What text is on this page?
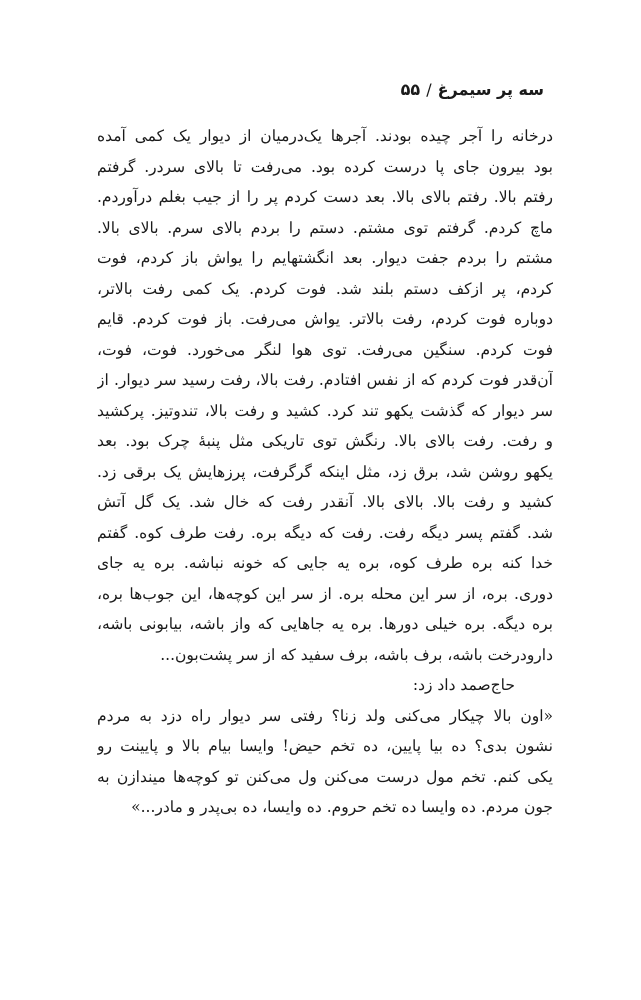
سه پر سیمرغ/۵۵
درخانه را آجر چیده بودند. آجرها یک‌درمیان از دیوار یک کمی آمده
بود بیرون جای پا درست کرده بود. می‌رفت تا بالای سردر. گرفتم
رفتم بالا. رفتم بالای بالا. بعد دست کردم پر را از جیب بغلم درآوردم.
ماچ کردم. گرفتم توی مشتم. دستم را بردم بالای سرم. بالای بالا.
مشتم را بردم جفت دیوار. بعد انگشتهایم را یواش باز کردم، فوت
کردم، پر ازکف دستم بلند شد. فوت کردم. یک کمی رفت بالاتر،
دوباره فوت کردم، رفت بالاتر. یواش می‌رفت. باز فوت کردم. قایم
فوت کردم. سنگین می‌رفت. توی هوا لنگر می‌خورد. فوت، فوت،
آن‌قدر فوت کردم که از نفس افتادم. رفت بالا، رفت رسید سر دیوار. از
سر دیوار که گذشت یکهو تند کرد. کشید و رفت بالا، تندوتیز. پرکشید
و رفت. رفت بالای بالا. رنگش توی تاریکی مثل پنبهٔ چرک بود. بعد
یکهو روشن شد، برق زد، مثل اینکه گرگرفت، پرزهایش یک برقی زد.
کشید و رفت بالا. بالای بالا. آنقدر رفت که خال شد. یک گل آتش
شد. گفتم پسر دیگه رفت. رفت که دیگه بره. رفت طرف کوه. گفتم
خدا کنه بره طرف کوه، بره یه جایی که خونه نباشه. بره یه جای
دوری. بره، از سر این محله بره. از سر این کوچه‌ها، این جوب‌ها بره،
بره دیگه. بره خیلی دورها. بره یه جاهایی که واز باشه، بیابونی باشه،
دارودرخت باشه، برف باشه، برف سفید که از سر پشت‌بون...
حاج‌صمد داد زد:
«اون بالا چیکار می‌کنی ولد زنا؟ رفتی سر دیوار راه دزد به مردم
نشون بدی؟ ده بیا پایین، ده تخم حیض! وایسا بیام بالا و پایینت رو
یکی کنم. تخم مول درست می‌کنن ول می‌کنن تو کوچه‌ها میندازن به
جون مردم. ده وایسا ده تخم حروم. ده وایسا، ده بی‌پدر و مادر...»
